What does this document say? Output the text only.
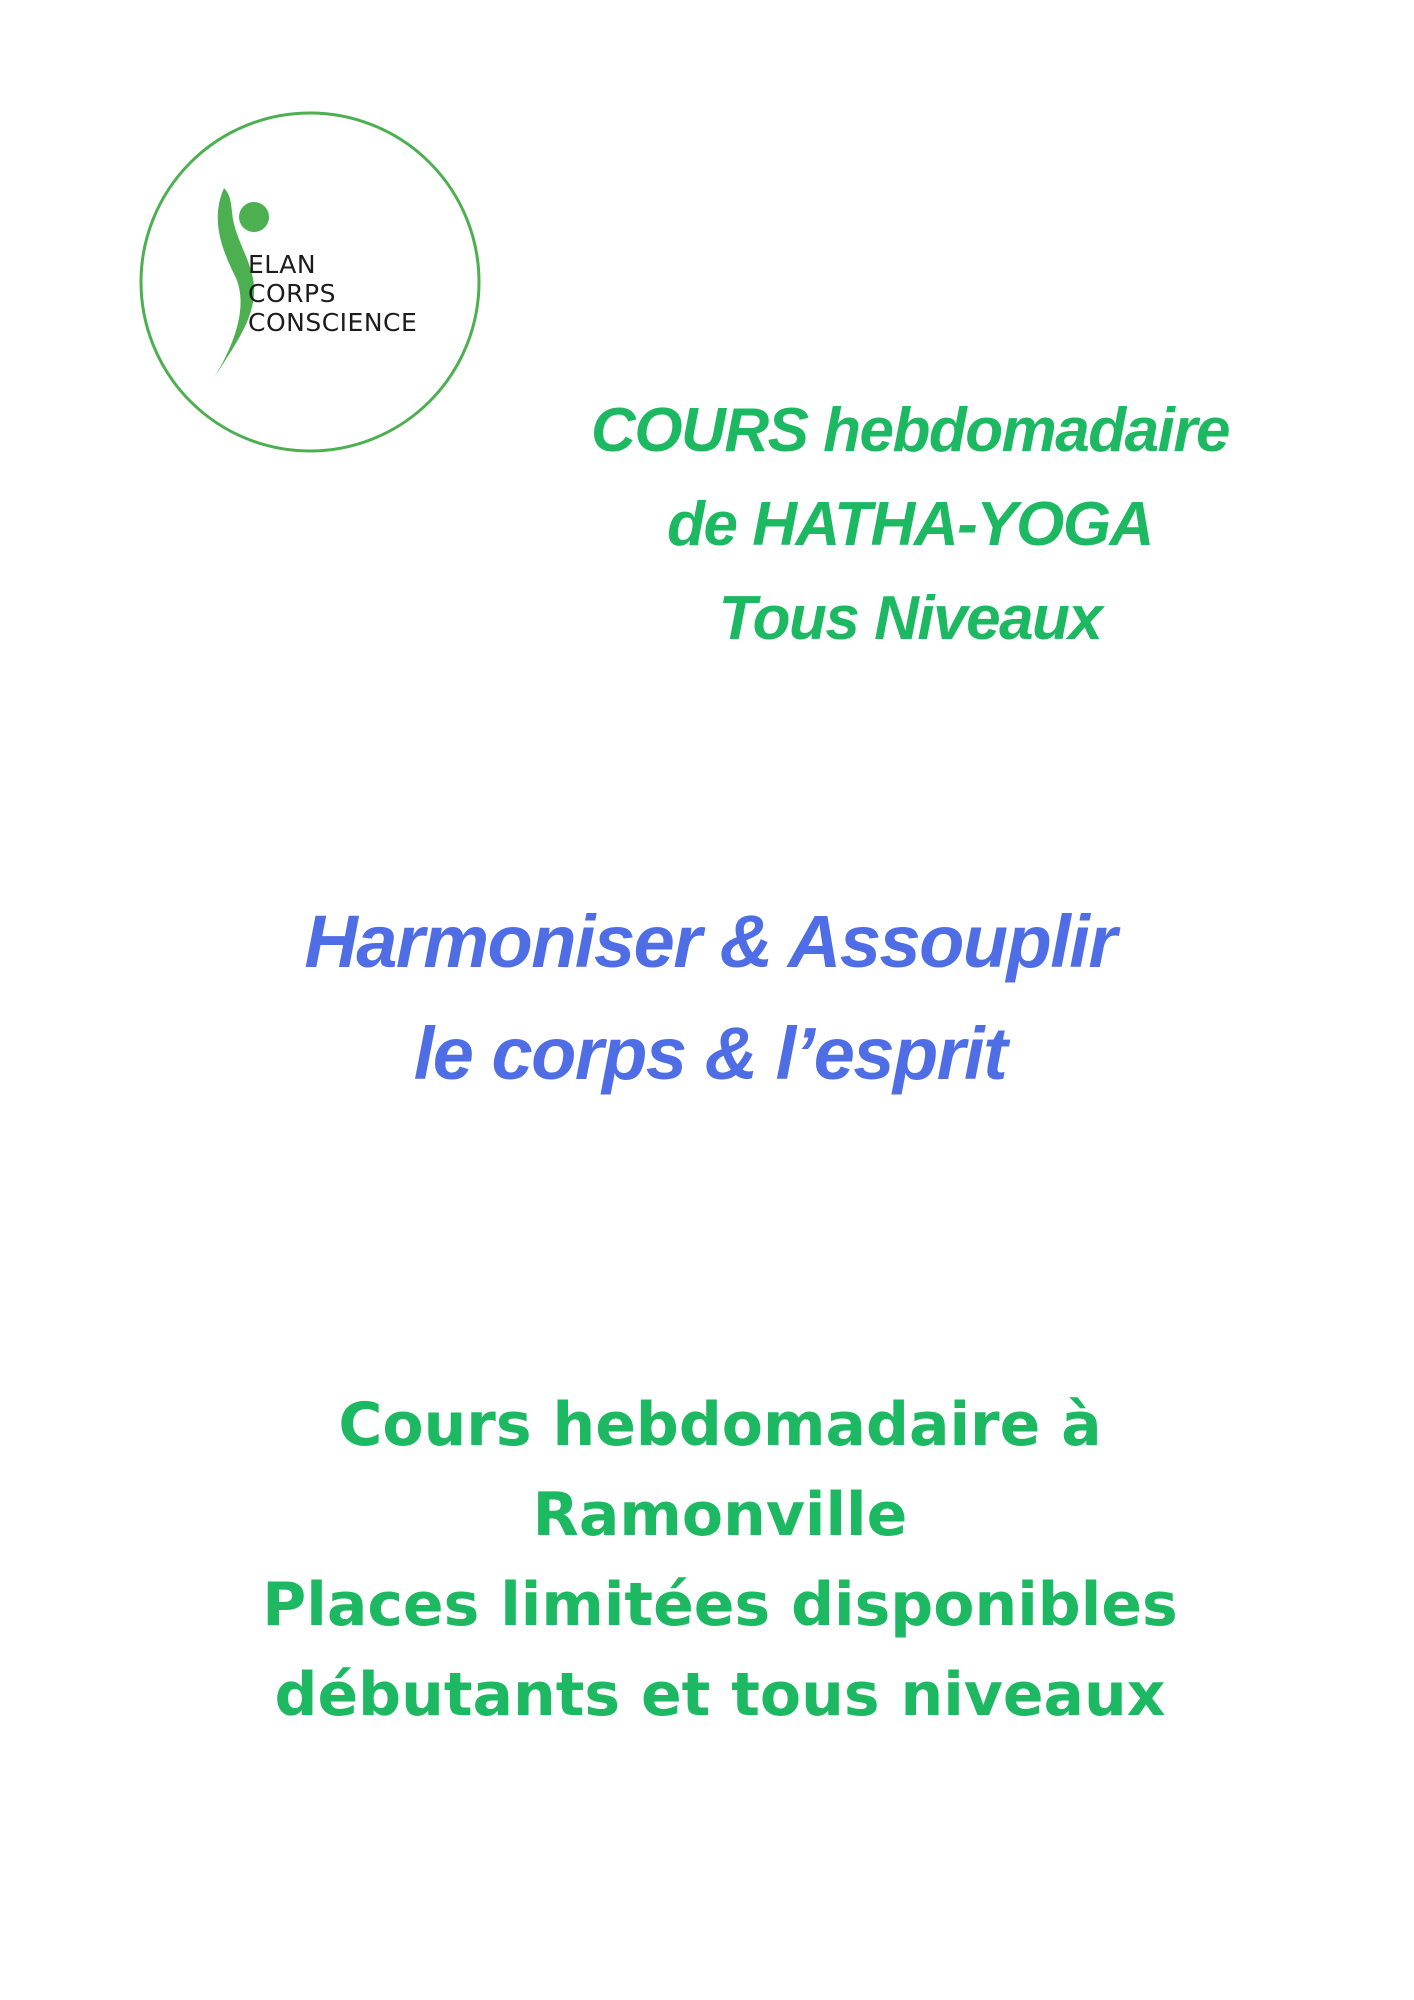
ELAN
CORPS
CONSCIENCE
COURS hebdomadaire
de HATHA-YOGA
Tous Niveaux
Harmoniser & Assouplir
le corps & l’esprit
Cours hebdomadaire à
Ramonville
Places limitées disponibles
débutants et tous niveaux
